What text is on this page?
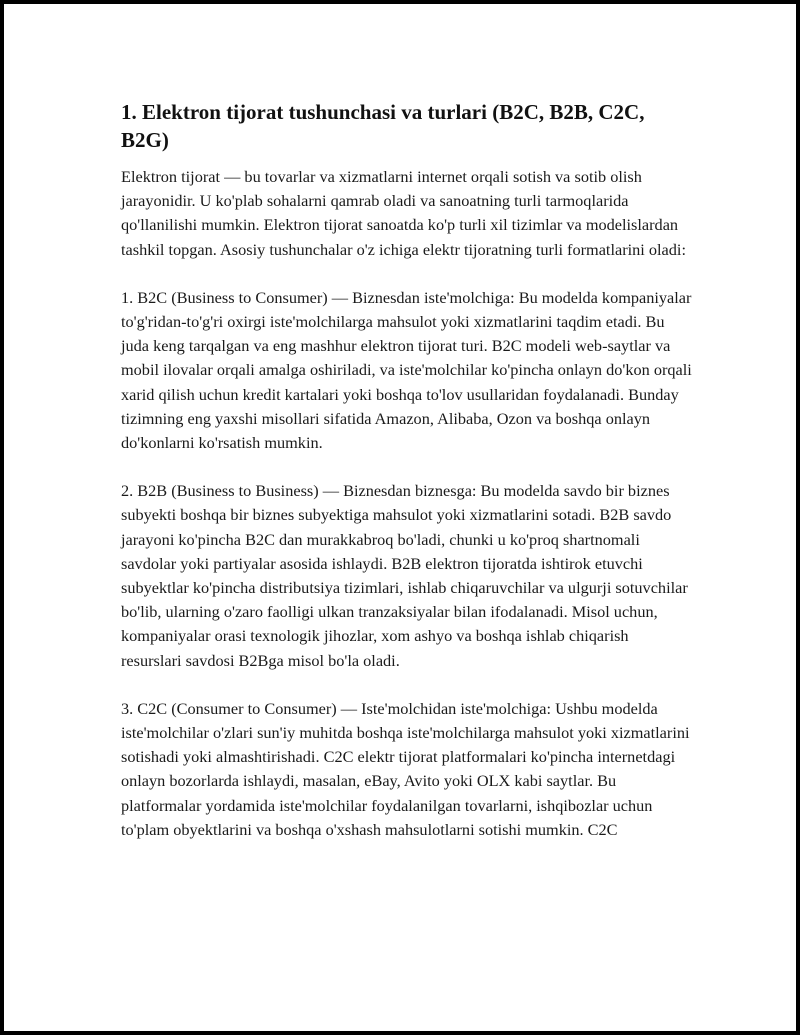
1. Elektron tijorat tushunchasi va turlari (B2C, B2B, C2C, B2G)

Elektron tijorat — bu tovarlar va xizmatlarni internet orqali sotish va sotib olish jarayonidir. U ko'plab sohalarni qamrab oladi va sanoatning turli tarmoqlarida qo'llanilishi mumkin. Elektron tijorat sanoatda ko'p turli xil tizimlar va modelislardan tashkil topgan. Asosiy tushunchalar o'z ichiga elektr tijoratning turli formatlarini oladi:

1. B2C (Business to Consumer) — Biznesdan iste'molchiga: Bu modelda kompaniyalar to'g'ridan-to'g'ri oxirgi iste'molchilarga mahsulot yoki xizmatlarini taqdim etadi. Bu juda keng tarqalgan va eng mashhur elektron tijorat turi. B2C modeli web-saytlar va mobil ilovalar orqali amalga oshiriladi, va iste'molchilar ko'pincha onlayn do'kon orqali xarid qilish uchun kredit kartalari yoki boshqa to'lov usullaridan foydalanadi. Bunday tizimning eng yaxshi misollari sifatida Amazon, Alibaba, Ozon va boshqa onlayn do'konlarni ko'rsatish mumkin.

2. B2B (Business to Business) — Biznesdan biznesga: Bu modelda savdo bir biznes subyekti boshqa bir biznes subyektiga mahsulot yoki xizmatlarini sotadi. B2B savdo jarayoni ko'pincha B2C dan murakkabroq bo'ladi, chunki u ko'proq shartnomali savdolar yoki partiyalar asosida ishlaydi. B2B elektron tijoratda ishtirok etuvchi subyektlar ko'pincha distributsiya tizimlari, ishlab chiqaruvchilar va ulgurji sotuvchilar bo'lib, ularning o'zaro faolligi ulkan tranzaksiyalar bilan ifodalanadi. Misol uchun, kompaniyalar orasi texnologik jihozlar, xom ashyo va boshqa ishlab chiqarish resurslari savdosi B2Bga misol bo'la oladi.

3. C2C (Consumer to Consumer) — Iste'molchidan iste'molchiga: Ushbu modelda iste'molchilar o'zlari sun'iy muhitda boshqa iste'molchilarga mahsulot yoki xizmatlarini sotishadi yoki almashtirishadi. C2C elektr tijorat platformalari ko'pincha internetdagi onlayn bozorlarda ishlaydi, masalan, eBay, Avito yoki OLX kabi saytlar. Bu platformalar yordamida iste'molchilar foydalanilgan tovarlarni, ishqibozlar uchun to'plam obyektlarini va boshqa o'xshash mahsulotlarni sotishi mumkin. C2C
